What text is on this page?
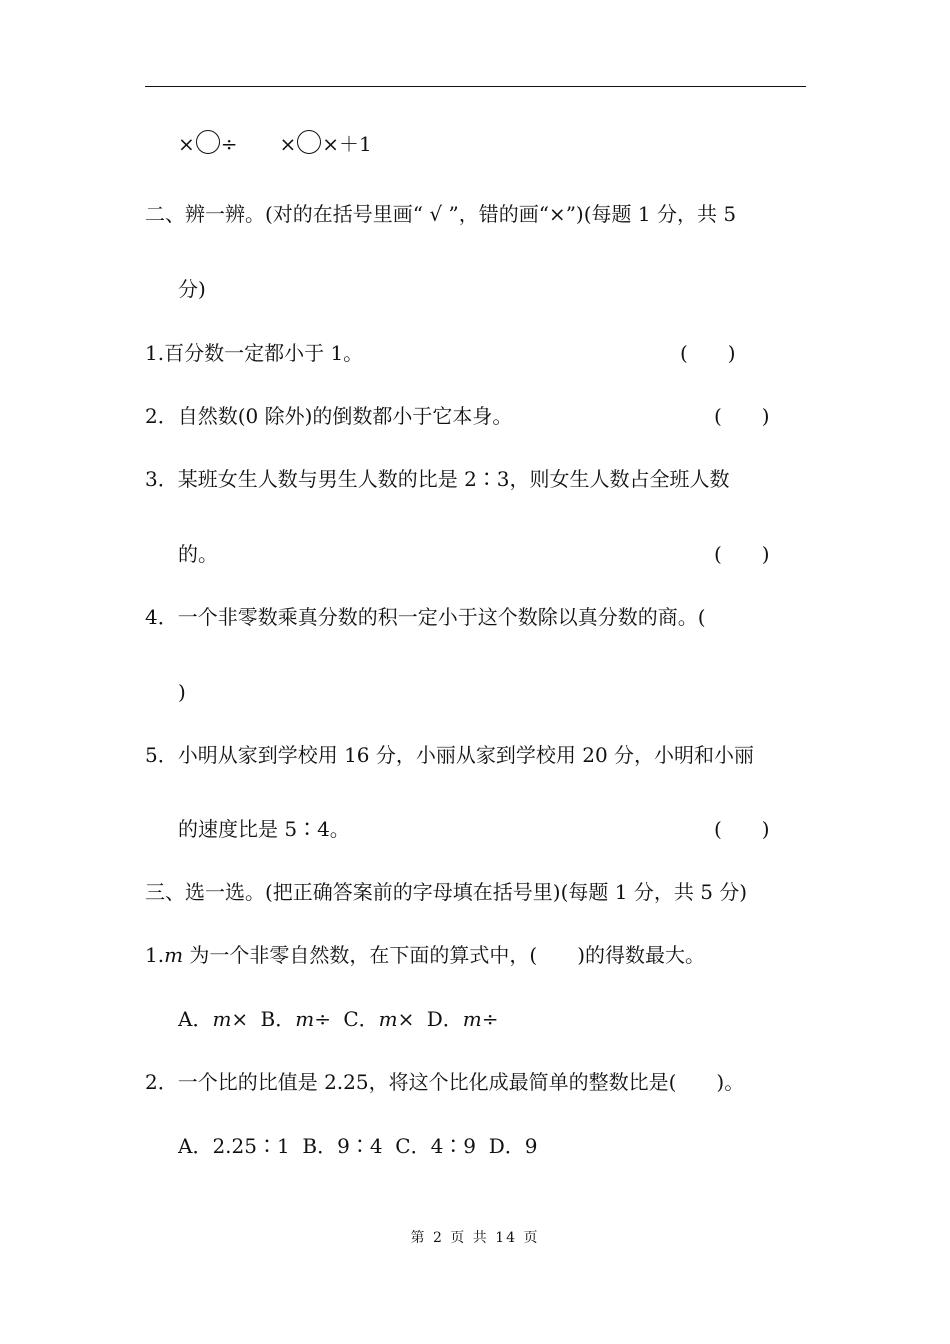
× ÷ × ×＋1
二、辨一辨。(对的在括号里画“ √ ”，错的画“×”)(每题 1 分，共 5
分)
1.百分数一定都小于 1。	(　　)
2．自然数(0 除外)的倒数都小于它本身。	(　　)
3．某班女生人数与男生人数的比是 2∶3，则女生人数占全班人数
的。	(　　)
4．一个非零数乘真分数的积一定小于这个数除以真分数的商。(
)
5．小明从家到学校用 16 分，小丽从家到学校用 20 分，小明和小丽
的速度比是 5∶4。	(　　)
三、选一选。(把正确答案前的字母填在括号里)(每题 1 分，共 5 分)
1.m 为一个非零自然数，在下面的算式中，(　　)的得数最大。
A．m× B．m÷ C．m× D．m÷
2．一个比的比值是 2.25，将这个比化成最简单的整数比是(　　)。
A．2.25∶1  B．9∶4  C．4∶9  D．9
第 2 页 共 14 页
